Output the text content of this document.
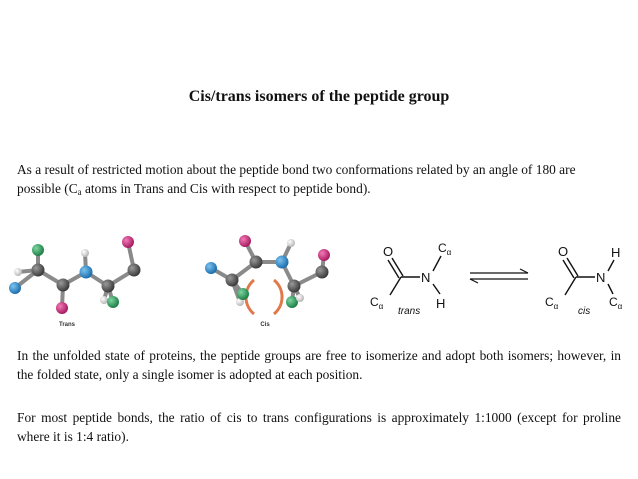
Cis/trans isomers of the peptide group
As a result of restricted motion about the peptide bond two conformations related by an angle of 180 are possible ($C_a$ atoms in Trans and Cis with respect to peptide bond).
Trans	Cis
O
N
H
$C_\alpha$
$C_\alpha$ trans
O
N
H
$C_\alpha$	$C_\alpha$
cis
In the unfolded state of proteins, the peptide groups are free to isomerize and adopt both isomers; however, in the folded state, only a single isomer is adopted at each position.
For most peptide bonds, the ratio of cis to trans configurations is approximately 1:1000 (except for proline where it is 1:4 ratio).
